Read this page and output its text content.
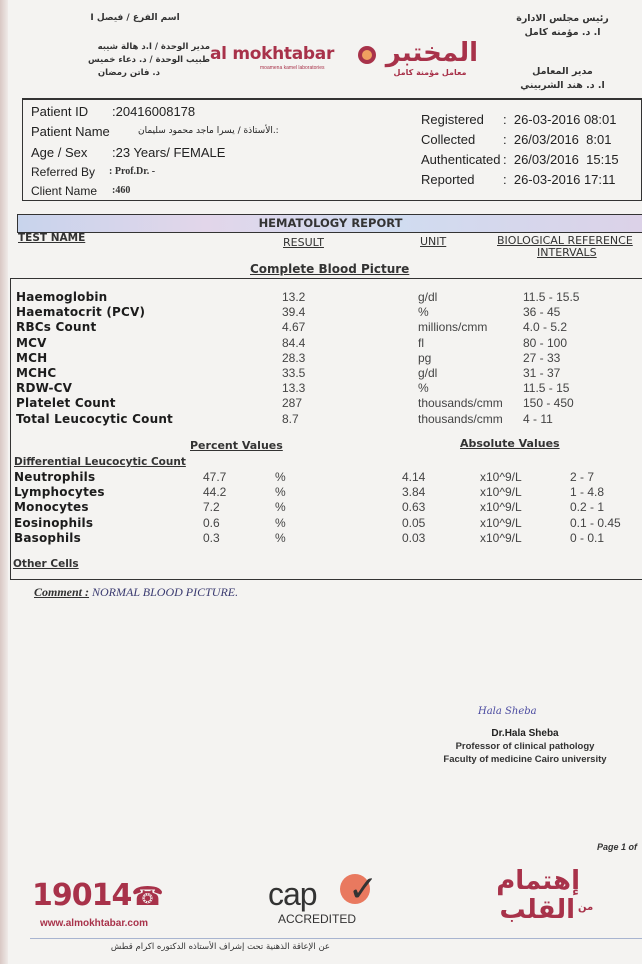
اسم الفرع / فيصل I
مدير الوحدة / ا.د هالة شيبه
طبيب الوحدة / د. دعاء خميس
د. فاتن رمضان
al mokhtabar
moamena kamel laboratories المختبر
معامل مؤمنة كامل
رئيس مجلس الادارة
ا. د. مؤمنه كامل
مدير المعامل
ا. د. هند الشربيني
Patient ID :20416008178
Patient Name	:.الأستاذة / يسرا ماجد محمود سليمان
Age / Sex :23 Years/ FEMALE
Referred By : Prof.Dr. -
Client Name :460
Registered :  26-03-2016 08:01
Collected :  26/03/2016  8:01
Authenticated :  26/03/2016  15:15
Reported :  26-03-2016 17:11
HEMATOLOGY REPORT
TEST NAME	RESULT	UNIT	BIOLOGICAL REFERENCE
INTERVALS
Complete Blood Picture
Haemoglobin	13.2	g/dl	11.5 - 15.5
Haematocrit (PCV)	39.4	%	36 - 45
RBCs Count	4.67	millions/cmm	4.0 - 5.2
MCV	84.4	fl	80 - 100
MCH	28.3	pg	27 - 33
MCHC	33.5	g/dl	31 - 37
RDW-CV	13.3	%	11.5 - 15
Platelet Count	287	thousands/cmm 150 - 450
Total Leucocytic Count	8.7	thousands/cmm 4 - 11
Percent Values	Absolute Values
Differential Leucocytic Count
Neutrophils	47.7	%	4.14	x10^9/L	2 - 7
Lymphocytes	44.2	%	3.84	x10^9/L	1 - 4.8
Monocytes	7.2	%	0.63	x10^9/L	0.2 - 1
Eosinophils	0.6	%	0.05	x10^9/L	0.1 - 0.45
Basophils	0.3	%	0.03	x10^9/L	0 - 0.1
Other Cells
Comment : NORMAL BLOOD PICTURE.
Hala Sheba
Dr.Hala Sheba
Professor of clinical pathology
Faculty of medicine Cairo university
Page 1 of
19014☎
www.almokhtabar.com
✓
cap
ACCREDITED
إهتمام
من
القلب
عن الإعاقة الذهنية تحت إشراف الأستاذه الدكتوره اكرام قطش
